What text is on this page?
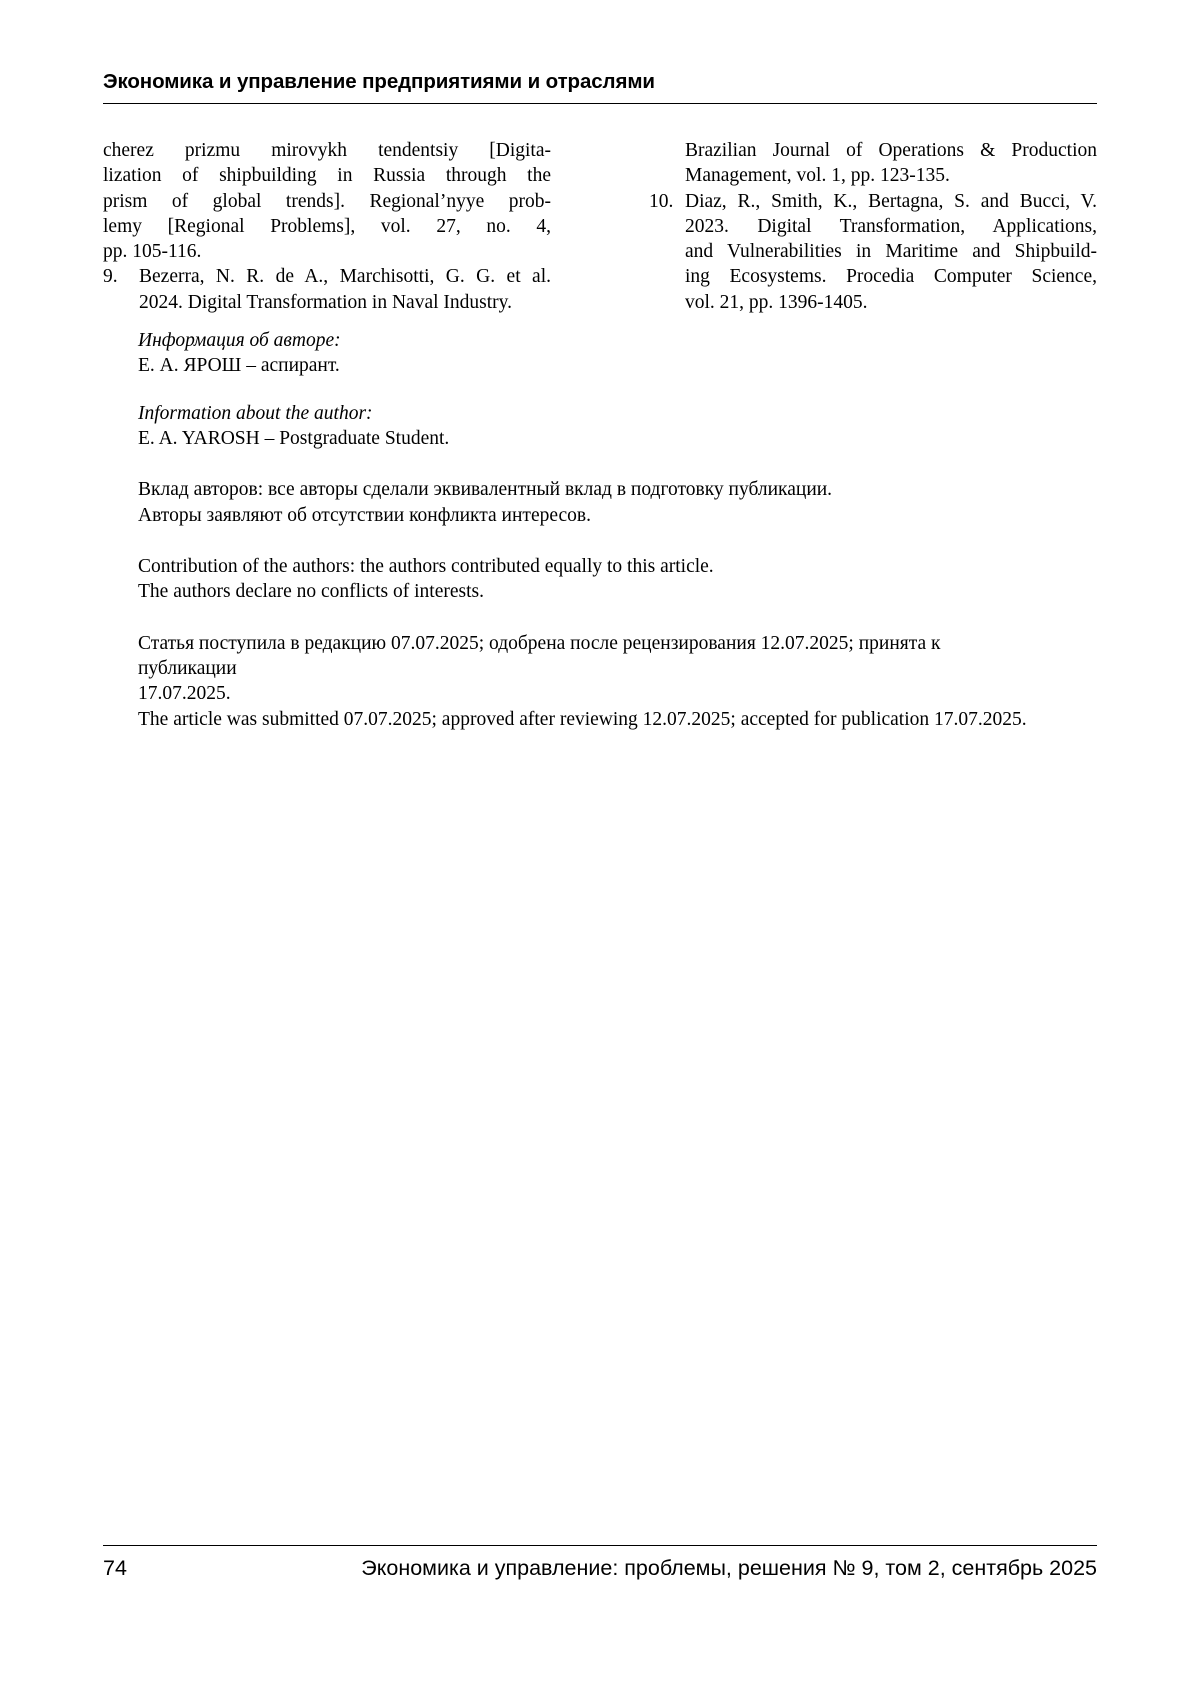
Экономика и управление предприятиями и отраслями
cherez prizmu mirovykh tendentsiy [Digita-
lization of shipbuilding in Russia through the
prism of global trends]. Regional’nyye prob-
lemy [Regional Problems], vol. 27, no. 4,
pp. 105-116.
9.	Bezerra, N. R. de A., Marchisotti, G. G. et al.
2024. Digital Transformation in Naval Industry.
Brazilian Journal of Operations & Production
Management, vol. 1, pp. 123-135.
10. Diaz, R., Smith, K., Bertagna, S. and Bucci, V.
2023. Digital Transformation, Applications,
and Vulnerabilities in Maritime and Shipbuild-
ing Ecosystems. Procedia Computer Science,
vol. 21, pp. 1396-1405.
Информация об авторе:
Е. А. ЯРОШ – аспирант.
Information about the author:
E. A. YAROSH – Postgraduate Student.
Вклад авторов: все авторы сделали эквивалентный вклад в подготовку публикации.
Авторы заявляют об отсутствии конфликта интересов.
Contribution of the authors: the authors contributed equally to this article.
The authors declare no conflicts of interests.
Статья поступила в редакцию 07.07.2025; одобрена после рецензирования 12.07.2025; принята к публикации
17.07.2025.
The article was submitted 07.07.2025; approved after reviewing 12.07.2025; accepted for publication 17.07.2025.
74	Экономика и управление: проблемы, решения № 9, том 2, сентябрь 2025
